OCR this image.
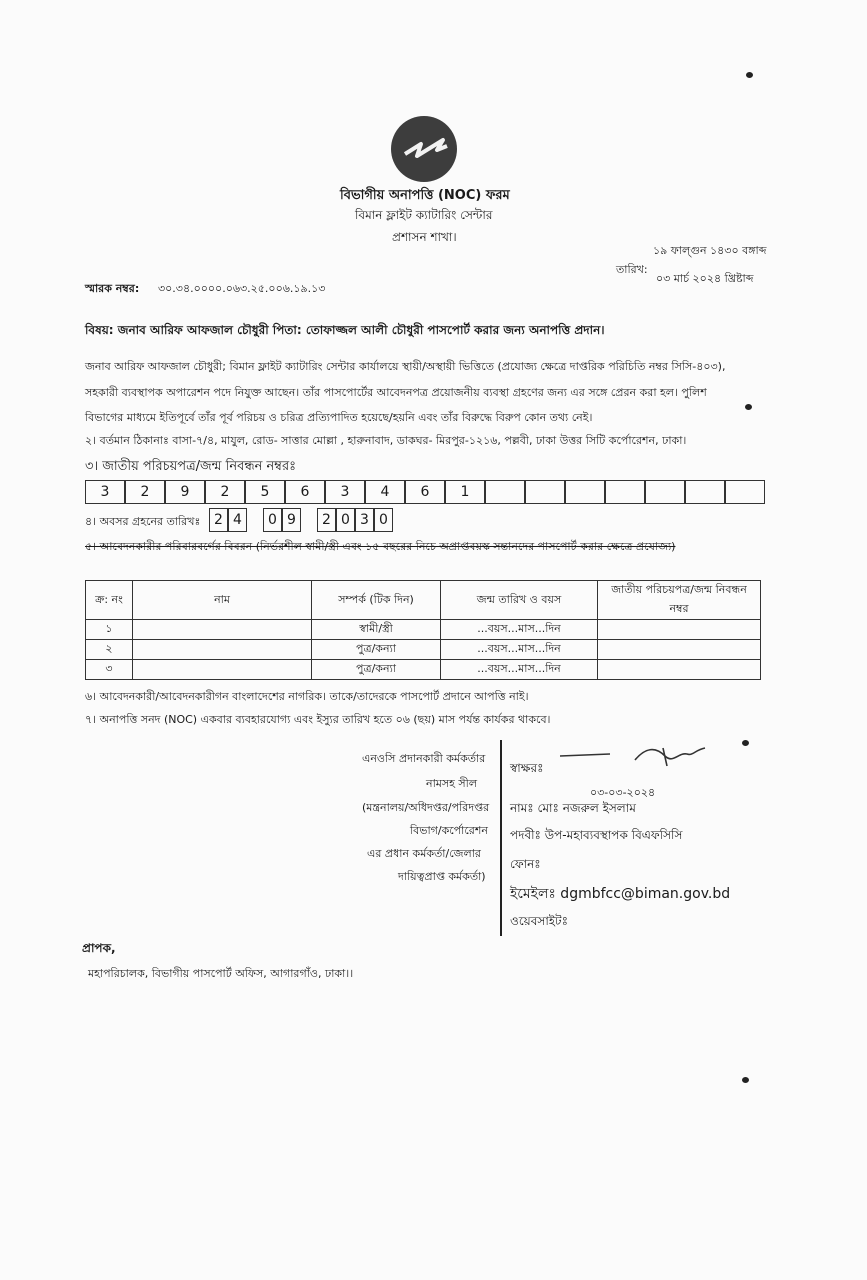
বিভাগীয় অনাপত্তি (NOC) ফরম
বিমান ফ্লাইট ক্যাটারিং সেন্টার
প্রশাসন শাখা।
১৯ ফাল্গুন ১৪৩০ বঙ্গাব্দ
তারিখ:
০৩ মার্চ ২০২৪ খ্রিষ্টাব্দ
স্মারক নম্বর: ৩০.৩৪.০০০০.০৬৩.২৫.০০৬.১৯.১৩
বিষয়: জনাব আরিফ আফজাল চৌধুরী পিতা: তোফাজ্জল আলী চৌধুরী পাসপোর্ট করার জন্য অনাপত্তি প্রদান।
জনাব আরিফ আফজাল চৌধুরী; বিমান ফ্লাইট ক্যাটারিং সেন্টার কার্যালয়ে স্থায়ী/অস্থায়ী ভিত্তিতে (প্রযোজ্য ক্ষেত্রে দাপ্তরিক পরিচিতি নম্বর সিসি-৪০৩),
সহকারী ব্যবস্থাপক অপারেশন পদে নিযুক্ত আছেন। তাঁর পাসপোর্টের আবেদনপত্র প্রয়োজনীয় ব্যবস্থা গ্রহণের জন্য এর সঙ্গে প্রেরন করা হল। পুলিশ
বিভাগের মাধ্যমে ইতিপূর্বে তাঁর পূর্ব পরিচয় ও চরিত্র প্রত্যিপাদিত হয়েছে/হয়নি এবং তাঁর বিরুদ্ধে বিরুপ কোন তথ্য নেই।
২। বর্তমান ঠিকানাঃ বাসা-৭/৪, মাযুল, রোড- সাত্তার মোল্লা , হারুনাবাদ, ডাকঘর- মিরপুর-১২১৬, পল্লবী, ঢাকা উত্তর সিটি কর্পোরেশন, ঢাকা।
৩। জাতীয় পরিচয়পত্র/জন্ম নিবন্ধন নম্বরঃ
3	2	9	2	5	6	3	4	6	1
৪। অবসর গ্রহনের তারিখঃ 2 4	0 9	2 0 3 0
৫। আবেদনকারীর পরিবারবর্গের বিবরন (নির্ভরশীল স্বামী/স্ত্রী এবং ১৫ বছরের নিচে অপ্রাপ্তবয়স্ক সন্তানদের পাসপোর্ট করার ক্ষেত্রে প্রযোজ্য)
ক্র: নং	নাম	সম্পর্ক (টিক দিন)	জন্ম তারিখ ও বয়স	জাতীয় পরিচয়পত্র/জন্ম নিবন্ধন নম্বর
১		স্বামী/স্ত্রী	...বয়স...মাস...দিন	
২		পুত্র/কন্যা	...বয়স...মাস...দিন	
৩		পুত্র/কন্যা	...বয়স...মাস...দিন	
৬। আবেদনকারী/আবেদনকারীগন বাংলাদেশের নাগরিক। তাকে/তাদেরকে পাসপোর্ট প্রদানে আপত্তি নাই।
৭। অনাপত্তি সনদ (NOC) একবার ব্যবহারযোগ্য এবং ইস্যুর তারিখ হতে ০৬ (ছয়) মাস পর্যন্ত কার্যকর থাকবে।
এনওসি প্রদানকারী কর্মকর্তার
নামসহ সীল
(মন্ত্রনালয়/অধিদপ্তর/পরিদপ্তর
বিভাগ/কর্পোরেশন
এর প্রধান কর্মকর্তা/জেলার
দায়িত্বপ্রাপ্ত কর্মকর্তা)
স্বাক্ষরঃ
০৩-০৩-২০২৪
নামঃ মোঃ নজরুল ইসলাম
পদবীঃ উপ-মহাব্যবস্থাপক বিএফসিসি
ফোনঃ
ইমেইলঃ dgmbfcc@biman.gov.bd
ওয়েবসাইটঃ
প্রাপক,
মহাপরিচালক, বিভাগীয় পাসপোর্ট অফিস, আগারগাঁও, ঢাকা।।
